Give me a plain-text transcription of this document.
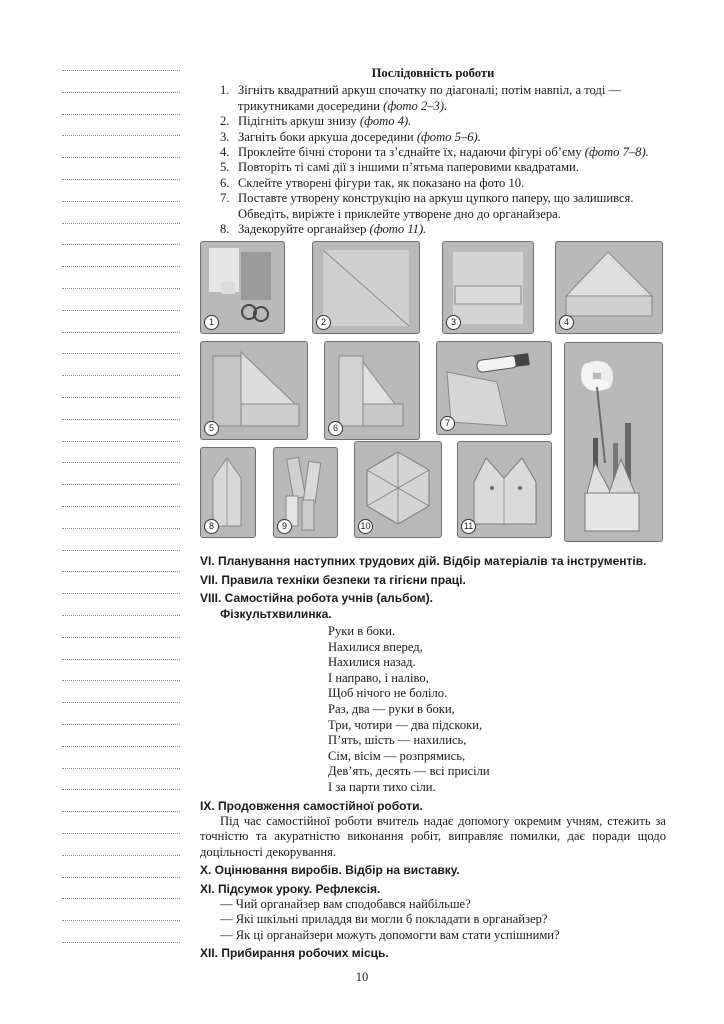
Послідовність роботи
1. Зігніть квадратний аркуш спочатку по діагоналі; потім навпіл, а тоді — трикутниками досередини (фото 2–3).
2. Підігніть аркуш знизу (фото 4).
3. Загніть боки аркуша досередини (фото 5–6).
4. Проклейте бічні сторони та з’єднайте їх, надаючи фігурі об’єму (фото 7–8).
5. Повторіть ті самі дії з іншими п’ятьма паперовими квадратами.
6. Склейте утворені фігури так, як показано на фото 10.
7. Поставте утворену конструкцію на аркуш цупкого паперу, що залишився. Обведіть, виріжте і приклейте утворене дно до органайзера.
8. Задекоруйте органайзер (фото 11).
1	2	3	4
5	6	7
8	9	10	11
VI. Планування наступних трудових дій. Відбір матеріалів та інструментів.
VII. Правила техніки безпеки та гігієни праці.
VIII. Самостійна робота учнів (альбом).
Фізкультхвилинка.
Руки в боки.
Нахилися вперед,
Нахилися назад.
І направо, і наліво,
Щоб нічого не боліло.
Раз, два — руки в боки,
Три, чотири — два підскоки,
П’ять, шість — нахились,
Сім, вісім — розпрямись,
Дев’ять, десять — всі присіли
І за парти тихо сіли.
IX. Продовження самостійної роботи.
Під час самостійної роботи вчитель надає допомогу окремим учням, стежить за точністю та акуратністю виконання робіт, виправляє помилки, дає поради щодо доцільності декорування.
X. Оцінювання виробів. Відбір на виставку.
XI. Підсумок уроку. Рефлексія.
— Чий органайзер вам сподобався найбільше?
— Які шкільні приладдя ви могли б покладати в органайзер?
— Як ці органайзери можуть допомогти вам стати успішними?
XII. Прибирання робочих місць.
10
